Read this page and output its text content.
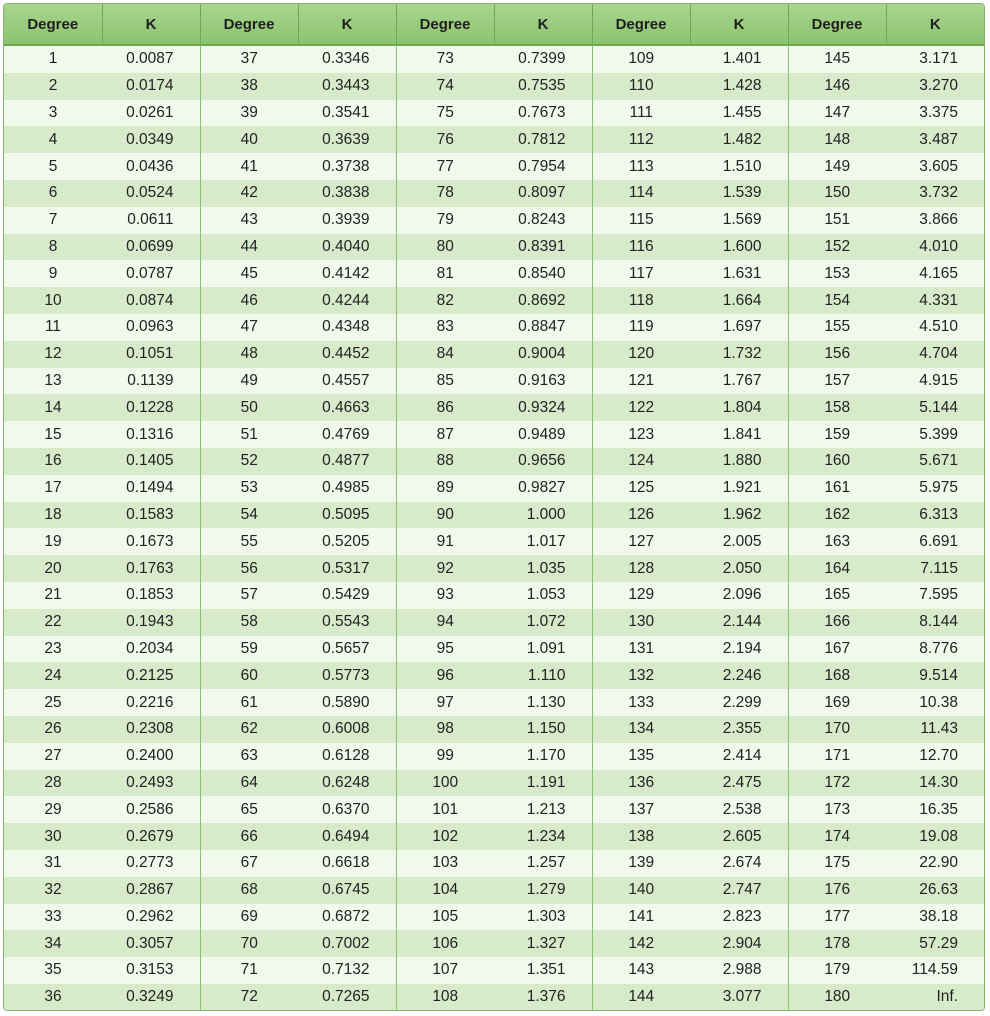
Degree	K	Degree	K	Degree	K	Degree	K	Degree	K
1	0.0087	37	0.3346	73	0.7399	109	1.401	145	3.171
2	0.0174	38	0.3443	74	0.7535	110	1.428	146	3.270
3	0.0261	39	0.3541	75	0.7673	111	1.455	147	3.375
4	0.0349	40	0.3639	76	0.7812	112	1.482	148	3.487
5	0.0436	41	0.3738	77	0.7954	113	1.510	149	3.605
6	0.0524	42	0.3838	78	0.8097	114	1.539	150	3.732
7	0.0611	43	0.3939	79	0.8243	115	1.569	151	3.866
8	0.0699	44	0.4040	80	0.8391	116	1.600	152	4.010
9	0.0787	45	0.4142	81	0.8540	117	1.631	153	4.165
10	0.0874	46	0.4244	82	0.8692	118	1.664	154	4.331
11	0.0963	47	0.4348	83	0.8847	119	1.697	155	4.510
12	0.1051	48	0.4452	84	0.9004	120	1.732	156	4.704
13	0.1139	49	0.4557	85	0.9163	121	1.767	157	4.915
14	0.1228	50	0.4663	86	0.9324	122	1.804	158	5.144
15	0.1316	51	0.4769	87	0.9489	123	1.841	159	5.399
16	0.1405	52	0.4877	88	0.9656	124	1.880	160	5.671
17	0.1494	53	0.4985	89	0.9827	125	1.921	161	5.975
18	0.1583	54	0.5095	90	1.000	126	1.962	162	6.313
19	0.1673	55	0.5205	91	1.017	127	2.005	163	6.691
20	0.1763	56	0.5317	92	1.035	128	2.050	164	7.115
21	0.1853	57	0.5429	93	1.053	129	2.096	165	7.595
22	0.1943	58	0.5543	94	1.072	130	2.144	166	8.144
23	0.2034	59	0.5657	95	1.091	131	2.194	167	8.776
24	0.2125	60	0.5773	96	1.110	132	2.246	168	9.514
25	0.2216	61	0.5890	97	1.130	133	2.299	169	10.38
26	0.2308	62	0.6008	98	1.150	134	2.355	170	11.43
27	0.2400	63	0.6128	99	1.170	135	2.414	171	12.70
28	0.2493	64	0.6248	100	1.191	136	2.475	172	14.30
29	0.2586	65	0.6370	101	1.213	137	2.538	173	16.35
30	0.2679	66	0.6494	102	1.234	138	2.605	174	19.08
31	0.2773	67	0.6618	103	1.257	139	2.674	175	22.90
32	0.2867	68	0.6745	104	1.279	140	2.747	176	26.63
33	0.2962	69	0.6872	105	1.303	141	2.823	177	38.18
34	0.3057	70	0.7002	106	1.327	142	2.904	178	57.29
35	0.3153	71	0.7132	107	1.351	143	2.988	179	114.59
36	0.3249	72	0.7265	108	1.376	144	3.077	180	Inf.
